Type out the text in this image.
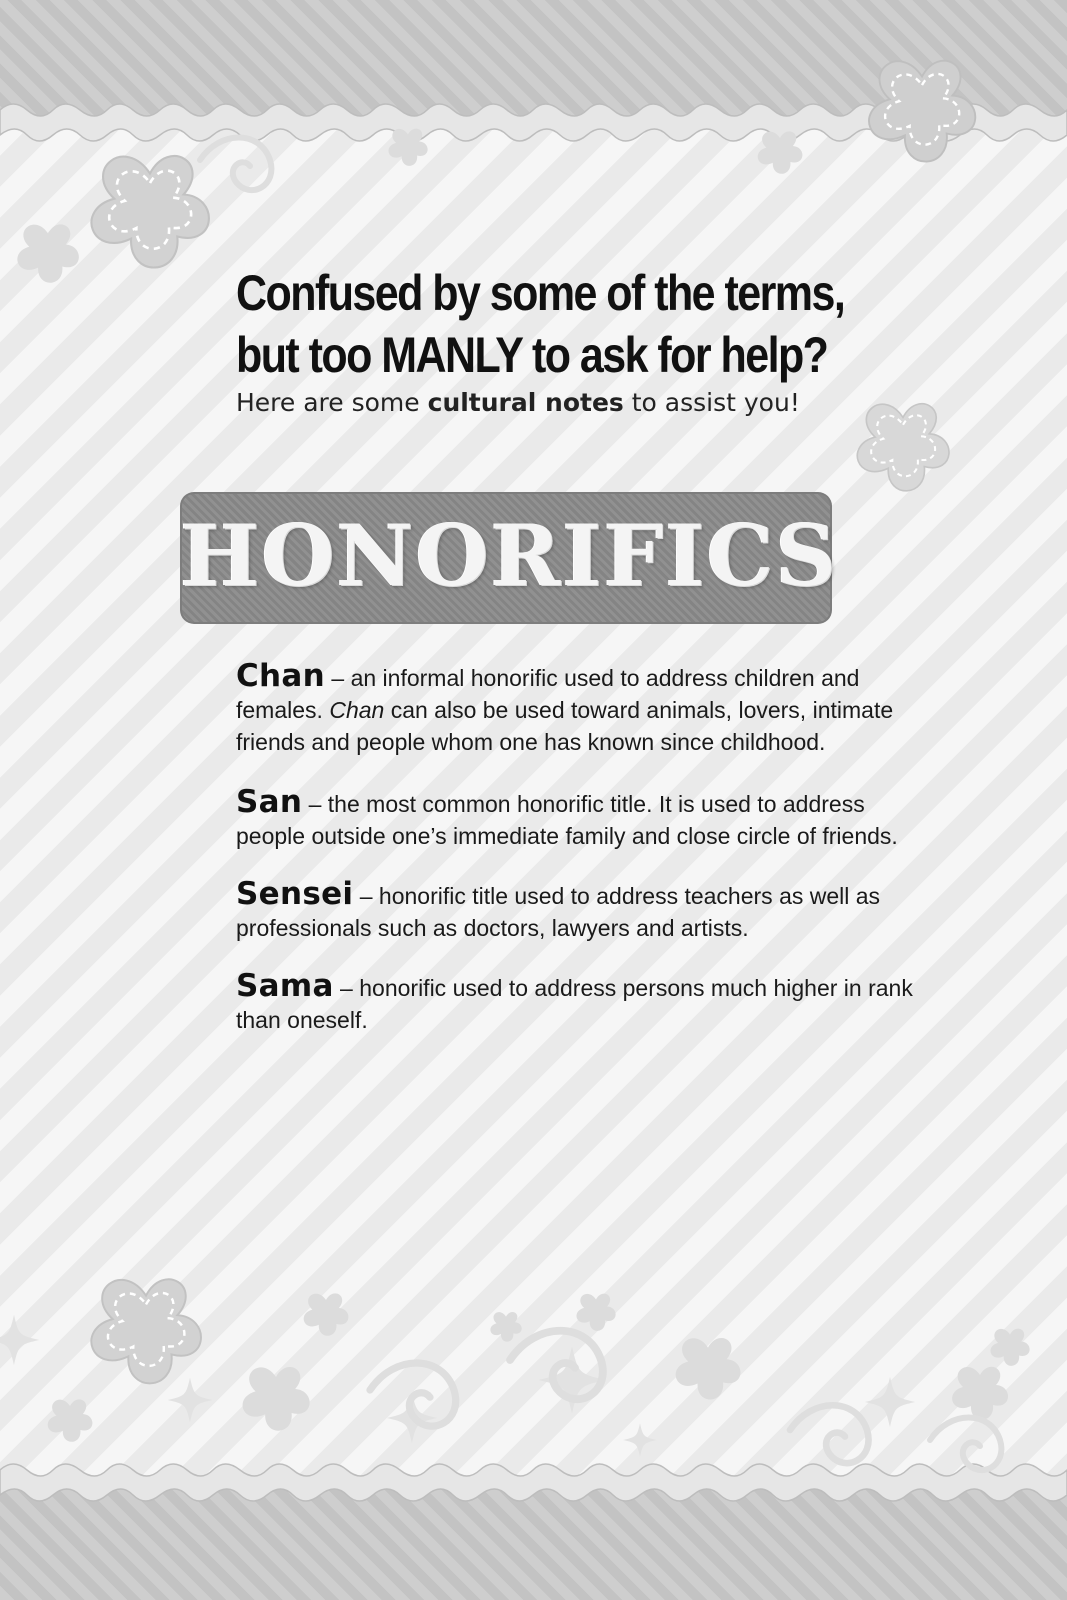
Confused by some of the terms,
but too MANLY to ask for help?

Here are some cultural notes to assist you!

HONORIFICS

Chan – an informal honorific used to address children and females. Chan can also be used toward animals, lovers, intimate friends and people whom one has known since childhood.

San – the most common honorific title. It is used to address people outside one’s immediate family and close circle of friends.

Sensei – honorific title used to address teachers as well as professionals such as doctors, lawyers and artists.

Sama – honorific used to address persons much higher in rank than oneself.
